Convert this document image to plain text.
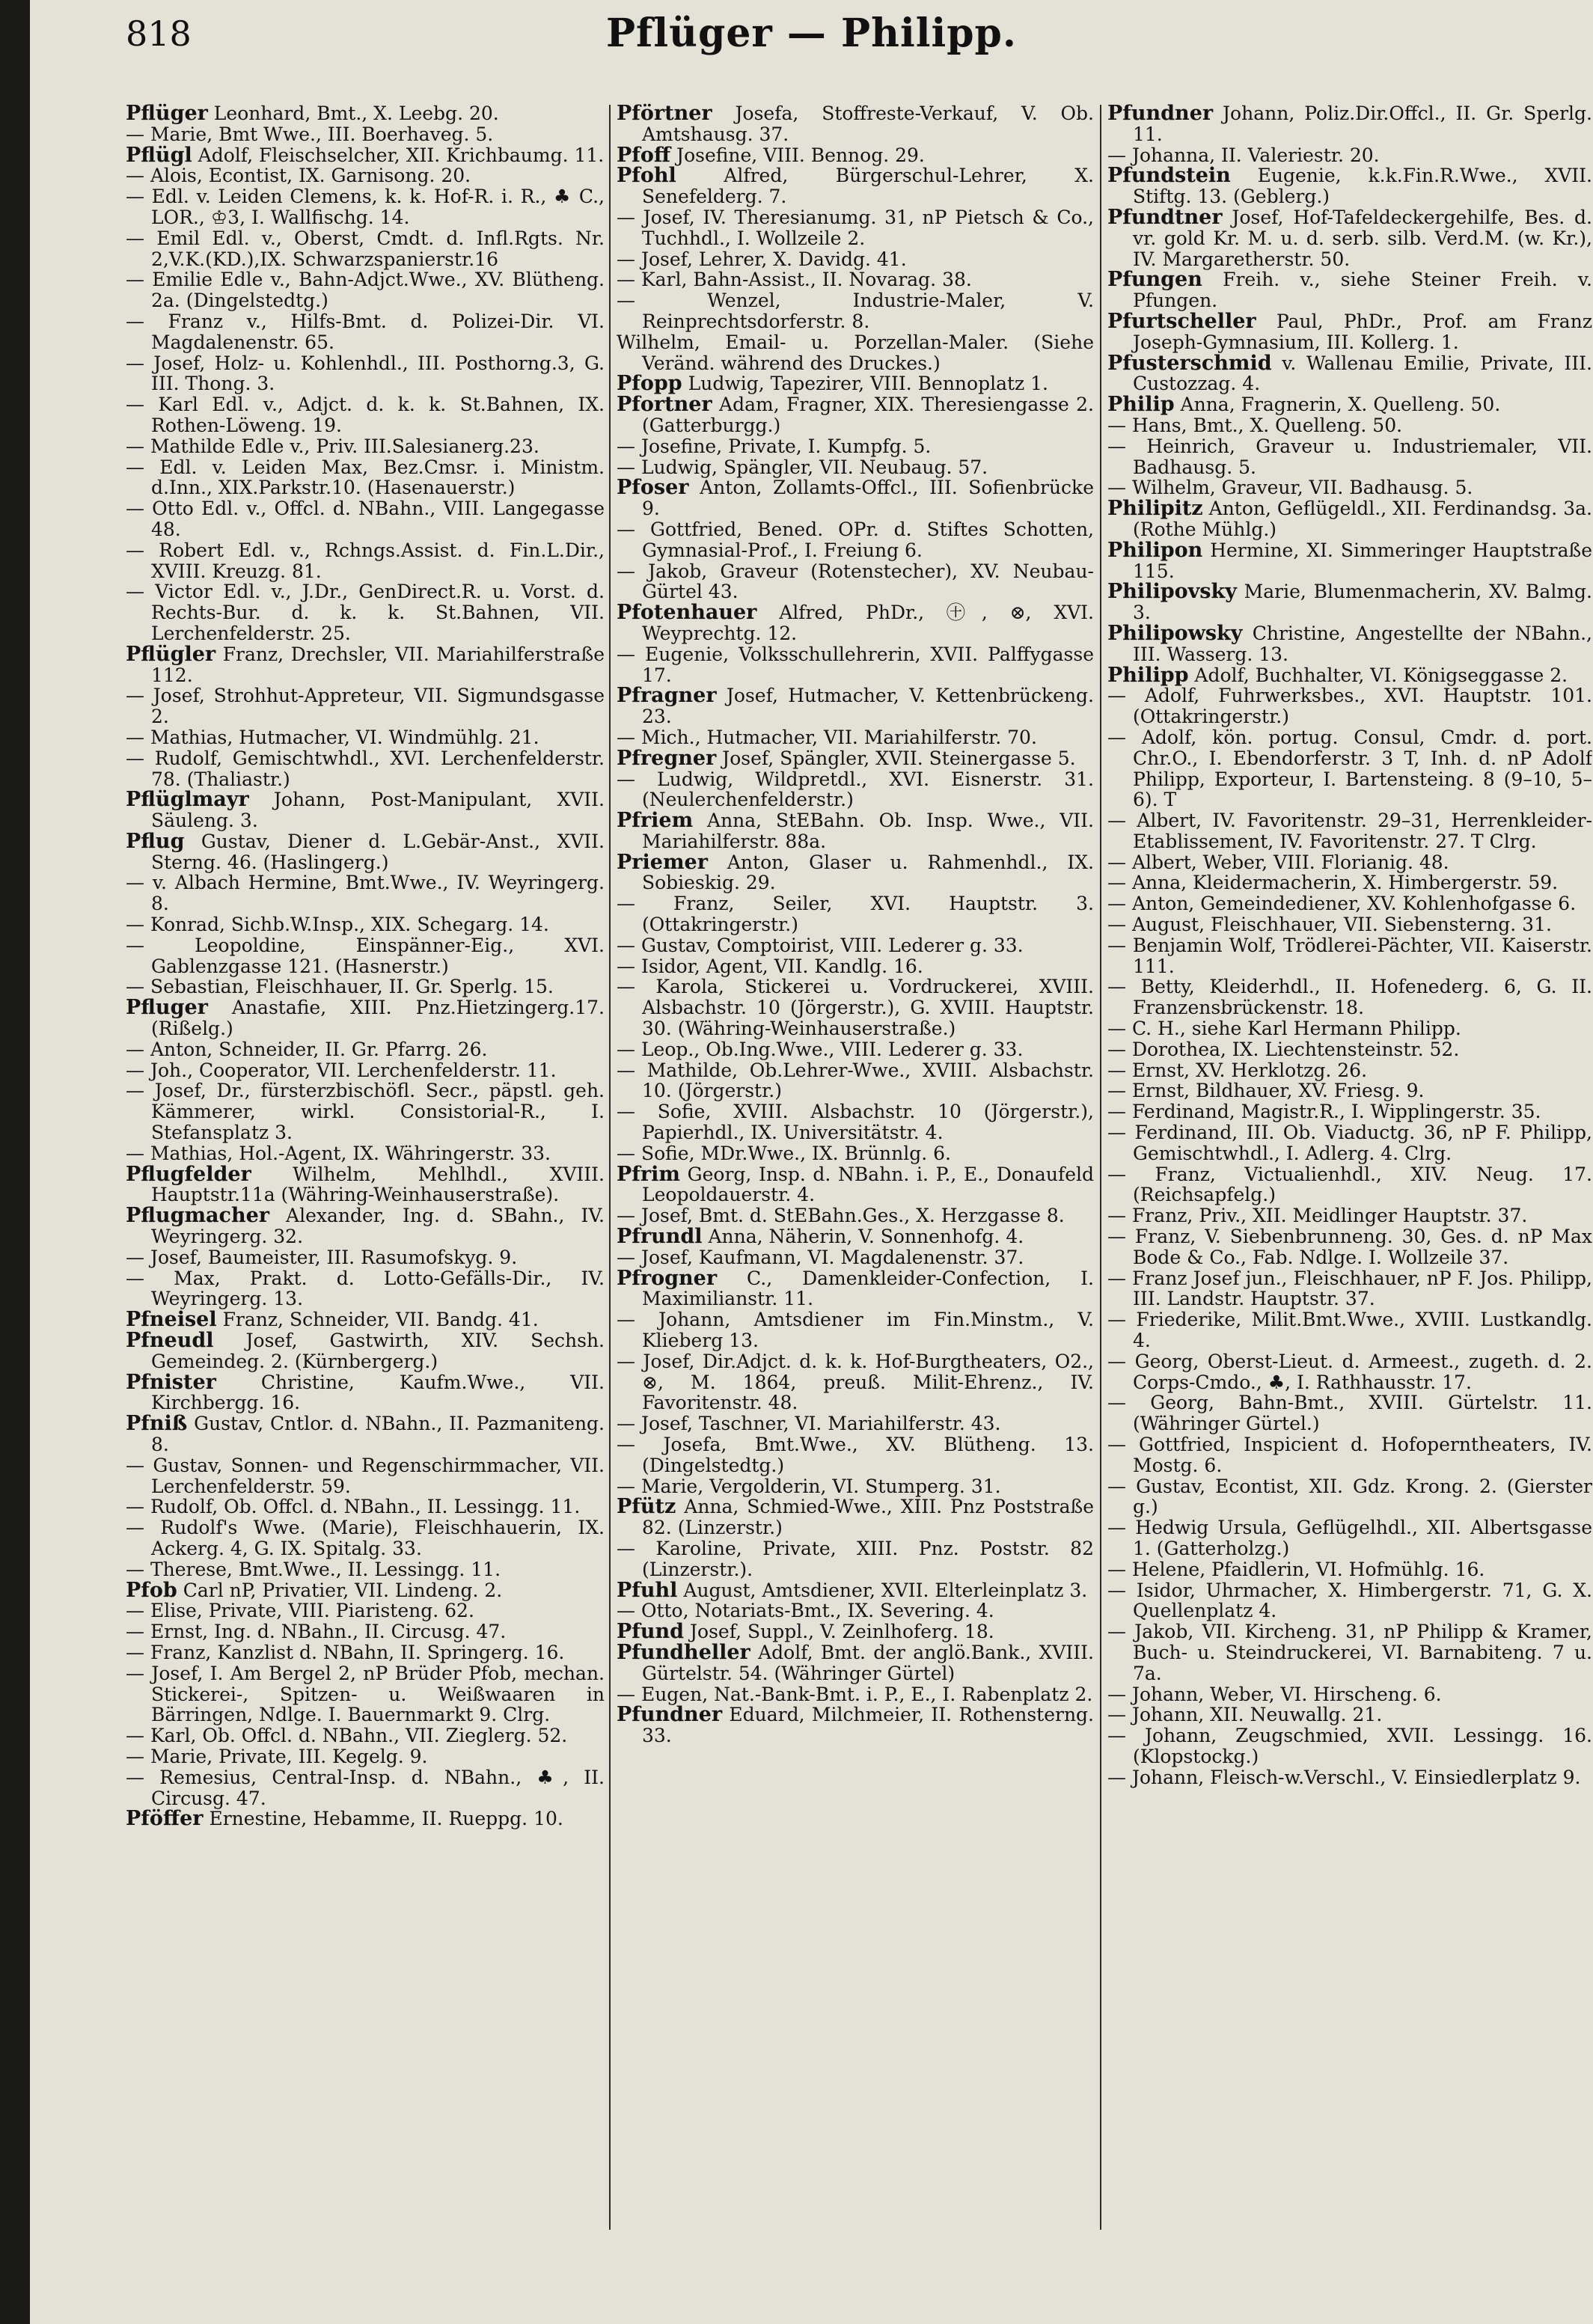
818	Pflüger — Philipp.

Pflüger Leonhard, Bmt., X. Leebg. 20.

— Marie, Bmt Wwe., III. Boerhaveg. 5.

Pflügl Adolf, Fleischselcher, XII. Krichbaumg. 11.

— Alois, Econtist, IX. Garnisong. 20.

— Edl. v. Leiden Clemens, k. k. Hof-R. i. R., ♣ C., LOR., ♔3, I. Wallfischg. 14.

— Emil Edl. v., Oberst, Cmdt. d. Infl.Rgts. Nr. 2,V.K.(KD.),IX. Schwarzspanierstr.16

— Emilie Edle v., Bahn-Adjct.Wwe., XV. Blütheng. 2a. (Dingelstedtg.)

— Franz v., Hilfs-Bmt. d. Polizei-Dir. VI. Magdalenenstr. 65.

— Josef, Holz- u. Kohlenhdl., III. Posthorng.3, G. III. Thong. 3.

— Karl Edl. v., Adjct. d. k. k. St.Bahnen, IX. Rothen-Löweng. 19.

— Mathilde Edle v., Priv. III.Salesianerg.23.

— Edl. v. Leiden Max, Bez.Cmsr. i. Ministm. d.Inn., XIX.Parkstr.10. (Hasenauerstr.)

— Otto Edl. v., Offcl. d. NBahn., VIII. Langegasse 48.

— Robert Edl. v., Rchngs.Assist. d. Fin.L.Dir., XVIII. Kreuzg. 81.

— Victor Edl. v., J.Dr., GenDirect.R. u. Vorst. d. Rechts-Bur. d. k. k. St.Bahnen, VII. Lerchenfelderstr. 25.

Pflügler Franz, Drechsler, VII. Mariahilferstraße 112.

— Josef, Strohhut-Appreteur, VII. Sigmundsgasse 2.

— Mathias, Hutmacher, VI. Windmühlg. 21.

— Rudolf, Gemischtwhdl., XVI. Lerchenfelderstr. 78. (Thaliastr.)

Pflüglmayr Johann, Post-Manipulant, XVII. Säuleng. 3.

Pflug Gustav, Diener d. L.Gebär-Anst., XVII. Sterng. 46. (Haslingerg.)

— v. Albach Hermine, Bmt.Wwe., IV. Weyringerg. 8.

— Konrad, Sichb.W.Insp., XIX. Schegarg. 14.

— Leopoldine, Einspänner-Eig., XVI. Gablenzgasse 121. (Hasnerstr.)

— Sebastian, Fleischhauer, II. Gr. Sperlg. 15.

Pfluger Anastafie, XIII. Pnz.Hietzingerg.17. (Rißelg.)

— Anton, Schneider, II. Gr. Pfarrg. 26.

— Joh., Cooperator, VII. Lerchenfelderstr. 11.

— Josef, Dr., fürsterzbischöfl. Secr., päpstl. geh. Kämmerer, wirkl. Consistorial-R., I. Stefansplatz 3.

— Mathias, Hol.-Agent, IX. Währingerstr. 33.

Pflugfelder Wilhelm, Mehlhdl., XVIII. Hauptstr.11a (Währing-Weinhauserstraße).

Pflugmacher Alexander, Ing. d. SBahn., IV. Weyringerg. 32.

— Josef, Baumeister, III. Rasumofskyg. 9.

— Max, Prakt. d. Lotto-Gefälls-Dir., IV. Weyringerg. 13.

Pfneisel Franz, Schneider, VII. Bandg. 41.

Pfneudl Josef, Gastwirth, XIV. Sechsh. Gemeindeg. 2. (Kürnbergerg.)

Pfnister Christine, Kaufm.Wwe., VII. Kirchbergg. 16.

Pfniß Gustav, Cntlor. d. NBahn., II. Pazmaniteng. 8.

— Gustav, Sonnen- und Regenschirmmacher, VII. Lerchenfelderstr. 59.

— Rudolf, Ob. Offcl. d. NBahn., II. Lessingg. 11.

— Rudolf's Wwe. (Marie), Fleischhauerin, IX. Ackerg. 4, G. IX. Spitalg. 33.

— Therese, Bmt.Wwe., II. Lessingg. 11.

Pfob Carl nP, Privatier, VII. Lindeng. 2.

— Elise, Private, VIII. Piaristeng. 62.

— Ernst, Ing. d. NBahn., II. Circusg. 47.

— Franz, Kanzlist d. NBahn, II. Springerg. 16.

— Josef, I. Am Bergel 2, nP Brüder Pfob, mechan. Stickerei-, Spitzen- u. Weißwaaren in Bärringen, Ndlge. I. Bauernmarkt 9. Clrg.

— Karl, Ob. Offcl. d. NBahn., VII. Zieglerg. 52.

— Marie, Private, III. Kegelg. 9.

— Remesius, Central-Insp. d. NBahn., ♣, II. Circusg. 47.

Pföffer Ernestine, Hebamme, II. Rueppg. 10.

Pförtner Josefa, Stoffreste-Verkauf, V. Ob. Amtshausg. 37.

Pfoff Josefine, VIII. Bennog. 29.

Pfohl Alfred, Bürgerschul-Lehrer, X. Senefelderg. 7.

— Josef, IV. Theresianumg. 31, nP Pietsch & Co., Tuchhdl., I. Wollzeile 2.

— Josef, Lehrer, X. Davidg. 41.

— Karl, Bahn-Assist., II. Novarag. 38.

— Wenzel, Industrie-Maler, V. Reinprechtsdorferstr. 8.

Wilhelm, Email- u. Porzellan-Maler. (Siehe Veränd. während des Druckes.)

Pfopp Ludwig, Tapezirer, VIII. Bennoplatz 1.

Pfortner Adam, Fragner, XIX. Theresiengasse 2. (Gatterburgg.)

— Josefine, Private, I. Kumpfg. 5.

— Ludwig, Spängler, VII. Neubaug. 57.

Pfoser Anton, Zollamts-Offcl., III. Sofienbrücke 9.

— Gottfried, Bened. OPr. d. Stiftes Schotten, Gymnasial-Prof., I. Freiung 6.

— Jakob, Graveur (Rotenstecher), XV. Neubau-Gürtel 43.

Pfotenhauer Alfred, PhDr., ㊉, ⊗, XVI. Weyprechtg. 12.

— Eugenie, Volksschullehrerin, XVII. Palffygasse 17.

Pfragner Josef, Hutmacher, V. Kettenbrückeng. 23.

— Mich., Hutmacher, VII. Mariahilferstr. 70.

Pfregner Josef, Spängler, XVII. Steinergasse 5.

— Ludwig, Wildpretdl., XVI. Eisnerstr. 31. (Neulerchenfelderstr.)

Pfriem Anna, StEBahn. Ob. Insp. Wwe., VII. Mariahilferstr. 88a.

Priemer Anton, Glaser u. Rahmenhdl., IX. Sobieskig. 29.

— Franz, Seiler, XVI. Hauptstr. 3. (Ottakringerstr.)

— Gustav, Comptoirist, VIII. Lederer g. 33.

— Isidor, Agent, VII. Kandlg. 16.

— Karola, Stickerei u. Vordruckerei, XVIII. Alsbachstr. 10 (Jörgerstr.), G. XVIII. Hauptstr. 30. (Währing-Weinhauserstraße.)

— Leop., Ob.Ing.Wwe., VIII. Lederer g. 33.

— Mathilde, Ob.Lehrer-Wwe., XVIII. Alsbachstr. 10. (Jörgerstr.)

— Sofie, XVIII. Alsbachstr. 10 (Jörgerstr.), Papierhdl., IX. Universitätstr. 4.

— Sofie, MDr.Wwe., IX. Brünnlg. 6.

Pfrim Georg, Insp. d. NBahn. i. P., E., Donaufeld Leopoldauerstr. 4.

— Josef, Bmt. d. StEBahn.Ges., X. Herzgasse 8.

Pfrundl Anna, Näherin, V. Sonnenhofg. 4.

— Josef, Kaufmann, VI. Magdalenenstr. 37.

Pfrogner C., Damenkleider-Confection, I. Maximilianstr. 11.

— Johann, Amtsdiener im Fin.Minstm., V. Klieberg 13.

— Josef, Dir.Adjct. d. k. k. Hof-Burgtheaters, O2., ⊗, M. 1864, preuß. Milit-Ehrenz., IV. Favoritenstr. 48.

— Josef, Taschner, VI. Mariahilferstr. 43.

— Josefa, Bmt.Wwe., XV. Blütheng. 13. (Dingelstedtg.)

— Marie, Vergolderin, VI. Stumperg. 31.

Pfütz Anna, Schmied-Wwe., XIII. Pnz Poststraße 82. (Linzerstr.)

— Karoline, Private, XIII. Pnz. Poststr. 82 (Linzerstr.).

Pfuhl August, Amtsdiener, XVII. Elterleinplatz 3.

— Otto, Notariats-Bmt., IX. Severing. 4.

Pfund Josef, Suppl., V. Zeinlhoferg. 18.

Pfundheller Adolf, Bmt. der anglö.Bank., XVIII. Gürtelstr. 54. (Währinger Gürtel)

— Eugen, Nat.-Bank-Bmt. i. P., E., I. Rabenplatz 2.

Pfundner Eduard, Milchmeier, II. Rothensterng. 33.

Pfundner Johann, Poliz.Dir.Offcl., II. Gr. Sperlg. 11.

— Johanna, II. Valeriestr. 20.

Pfundstein Eugenie, k.k.Fin.R.Wwe., XVII. Stiftg. 13. (Geblerg.)

Pfundtner Josef, Hof-Tafeldeckergehilfe, Bes. d. vr. gold Kr. M. u. d. serb. silb. Verd.M. (w. Kr.), IV. Margaretherstr. 50.

Pfungen Freih. v., siehe Steiner Freih. v. Pfungen.

Pfurtscheller Paul, PhDr., Prof. am Franz Joseph-Gymnasium, III. Kollerg. 1.

Pfusterschmid v. Wallenau Emilie, Private, III. Custozzag. 4.

Philip Anna, Fragnerin, X. Quelleng. 50.

— Hans, Bmt., X. Quelleng. 50.

— Heinrich, Graveur u. Industriemaler, VII. Badhausg. 5.

— Wilhelm, Graveur, VII. Badhausg. 5.

Philipitz Anton, Geflügeldl., XII. Ferdinandsg. 3a. (Rothe Mühlg.)

Philipon Hermine, XI. Simmeringer Hauptstraße 115.

Philipovsky Marie, Blumenmacherin, XV. Balmg. 3.

Philipowsky Christine, Angestellte der NBahn., III. Wasserg. 13.

Philipp Adolf, Buchhalter, VI. Königseggasse 2.

— Adolf, Fuhrwerksbes., XVI. Hauptstr. 101. (Ottakringerstr.)

— Adolf, kön. portug. Consul, Cmdr. d. port. Chr.O., I. Ebendorferstr. 3 T, Inh. d. nP Adolf Philipp, Exporteur, I. Bartensteing. 8 (9–10, 5–6). T

— Albert, IV. Favoritenstr. 29–31, Herrenkleider-Etablissement, IV. Favoritenstr. 27. T Clrg.

— Albert, Weber, VIII. Florianig. 48.

— Anna, Kleidermacherin, X. Himbergerstr. 59.

— Anton, Gemeindediener, XV. Kohlenhofgasse 6.

— August, Fleischhauer, VII. Siebensterng. 31.

— Benjamin Wolf, Trödlerei-Pächter, VII. Kaiserstr. 111.

— Betty, Kleiderhdl., II. Hofenederg. 6, G. II. Franzensbrückenstr. 18.

— C. H., siehe Karl Hermann Philipp.

— Dorothea, IX. Liechtensteinstr. 52.

— Ernst, XV. Herklotzg. 26.

— Ernst, Bildhauer, XV. Friesg. 9.

— Ferdinand, Magistr.R., I. Wipplingerstr. 35.

— Ferdinand, III. Ob. Viaductg. 36, nP F. Philipp, Gemischtwhdl., I. Adlerg. 4. Clrg.

— Franz, Victualienhdl., XIV. Neug. 17. (Reichsapfelg.)

— Franz, Priv., XII. Meidlinger Hauptstr. 37.

— Franz, V. Siebenbrunneng. 30, Ges. d. nP Max Bode & Co., Fab. Ndlge. I. Wollzeile 37.

— Franz Josef jun., Fleischhauer, nP F. Jos. Philipp, III. Landstr. Hauptstr. 37.

— Friederike, Milit.Bmt.Wwe., XVIII. Lustkandlg. 4.

— Georg, Oberst-Lieut. d. Armeest., zugeth. d. 2. Corps-Cmdo., ♣, I. Rathhausstr. 17.

— Georg, Bahn-Bmt., XVIII. Gürtelstr. 11. (Währinger Gürtel.)

— Gottfried, Inspicient d. Hofoperntheaters, IV. Mostg. 6.

— Gustav, Econtist, XII. Gdz. Krong. 2. (Gierster g.)

— Hedwig Ursula, Geflügelhdl., XII. Albertsgasse 1. (Gatterholzg.)

— Helene, Pfaidlerin, VI. Hofmühlg. 16.

— Isidor, Uhrmacher, X. Himbergerstr. 71, G. X. Quellenplatz 4.

— Jakob, VII. Kircheng. 31, nP Philipp & Kramer, Buch- u. Steindruckerei, VI. Barnabiteng. 7 u. 7a.

— Johann, Weber, VI. Hirscheng. 6.

— Johann, XII. Neuwallg. 21.

— Johann, Zeugschmied, XVII. Lessingg. 16. (Klopstockg.)

— Johann, Fleisch-w.Verschl., V. Einsiedlerplatz 9.
